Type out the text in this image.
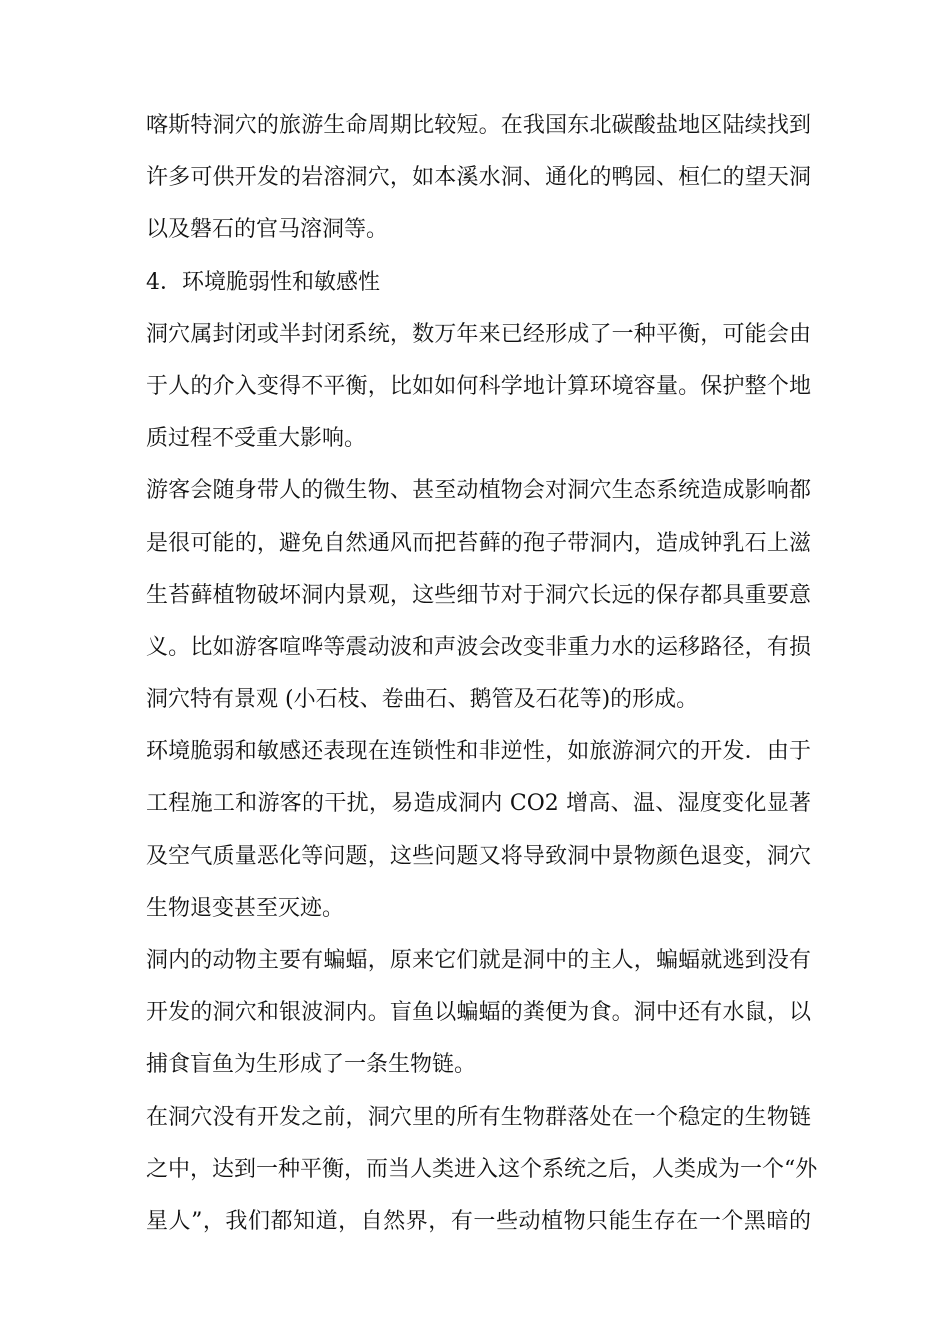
喀斯特洞穴的旅游生命周期比较短。在我国东北碳酸盐地区陆续找到
许多可供开发的岩溶洞穴，如本溪水洞、通化的鸭园、桓仁的望天洞
以及磐石的官马溶洞等。
4．环境脆弱性和敏感性
洞穴属封闭或半封闭系统，数万年来已经形成了一种平衡，可能会由
于人的介入变得不平衡，比如如何科学地计算环境容量。保护整个地
质过程不受重大影响。
游客会随身带人的微生物、甚至动植物会对洞穴生态系统造成影响都
是很可能的，避免自然通风而把苔藓的孢子带洞内，造成钟乳石上滋
生苔藓植物破坏洞内景观，这些细节对于洞穴长远的保存都具重要意
义。比如游客喧哗等震动波和声波会改变非重力水的运移路径，有损
洞穴特有景观 (小石枝、卷曲石、鹅管及石花等)的形成。
环境脆弱和敏感还表现在连锁性和非逆性，如旅游洞穴的开发．由于
工程施工和游客的干扰，易造成洞内 CO2 增高、温、湿度变化显著
及空气质量恶化等问题，这些问题又将导致洞中景物颜色退变，洞穴
生物退变甚至灭迹。
洞内的动物主要有蝙蝠，原来它们就是洞中的主人，蝙蝠就逃到没有
开发的洞穴和银波洞内。盲鱼以蝙蝠的粪便为食。洞中还有水鼠，以
捕食盲鱼为生形成了一条生物链。
在洞穴没有开发之前，洞穴里的所有生物群落处在一个稳定的生物链
之中，达到一种平衡，而当人类进入这个系统之后，人类成为一个“外
星人”，我们都知道，自然界，有一些动植物只能生存在一个黑暗的
